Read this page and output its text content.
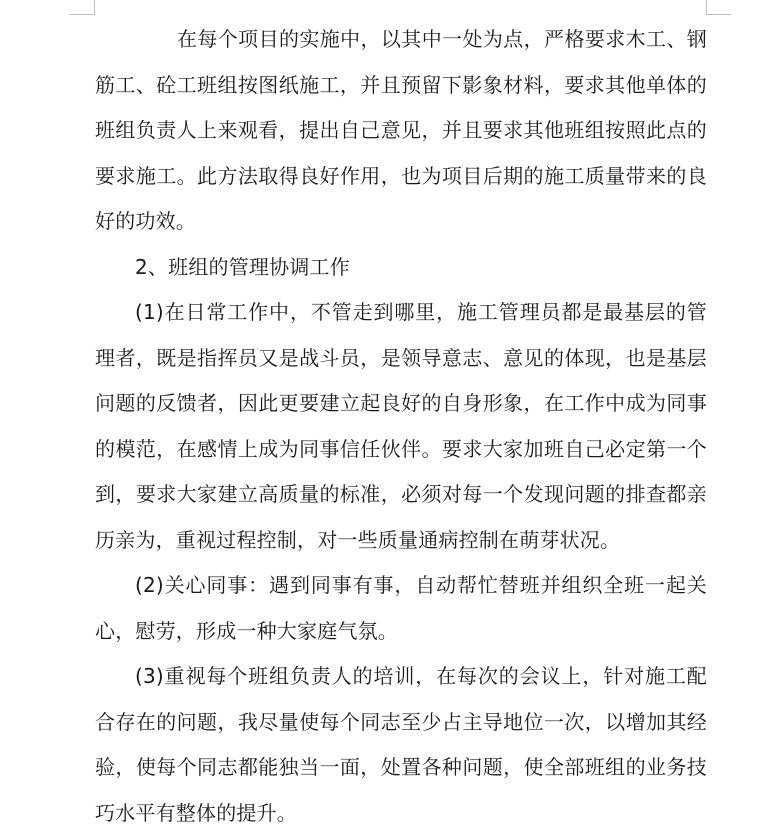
在每个项目的实施中，以其中一处为点，严格要求木工、钢筋工、砼工班组按图纸施工，并且预留下影象材料，要求其他单体的班组负责人上来观看，提出自己意见，并且要求其他班组按照此点的要求施工。此方法取得良好作用，也为项目后期的施工质量带来的良好的功效。

2、班组的管理协调工作

(1)在日常工作中，不管走到哪里，施工管理员都是最基层的管理者，既是指挥员又是战斗员，是领导意志、意见的体现，也是基层问题的反馈者，因此更要建立起良好的自身形象，在工作中成为同事的模范，在感情上成为同事信任伙伴。要求大家加班自己必定第一个到，要求大家建立高质量的标准，必须对每一个发现问题的排查都亲历亲为，重视过程控制，对一些质量通病控制在萌芽状况。

(2)关心同事：遇到同事有事，自动帮忙替班并组织全班一起关心，慰劳，形成一种大家庭气氛。

(3)重视每个班组负责人的培训，在每次的会议上，针对施工配合存在的问题，我尽量使每个同志至少占主导地位一次，以增加其经验，使每个同志都能独当一面，处置各种问题，使全部班组的业务技巧水平有整体的提升。
